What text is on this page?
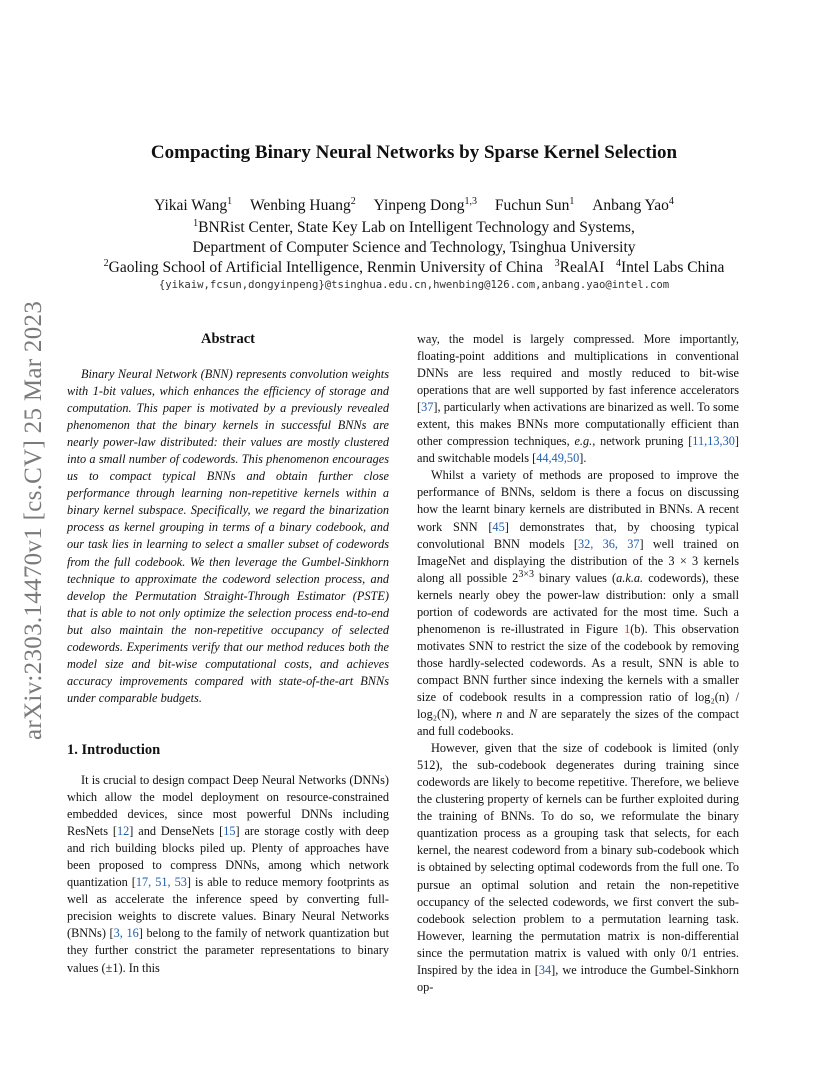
arXiv:2303.14470v1 [cs.CV] 25 Mar 2023
Compacting Binary Neural Networks by Sparse Kernel Selection
Yikai Wang$^1$ Wenbing Huang$^2$ Yinpeng Dong$^{1,3}$ Fuchun Sun$^1$ Anbang Yao$^4$
$^1$BNRist Center, State Key Lab on Intelligent Technology and Systems,
Department of Computer Science and Technology, Tsinghua University
$^2$Gaoling School of Artificial Intelligence, Renmin University of China $^3$RealAI $^4$Intel Labs China
{yikaiw,fcsun,dongyinpeng}@tsinghua.edu.cn,hwenbing@126.com,anbang.yao@intel.com
Abstract
Binary Neural Network (BNN) represents convolution weights with 1-bit values, which enhances the efficiency of storage and computation. This paper is motivated by a previously revealed phenomenon that the binary kernels in successful BNNs are nearly power-law distributed: their values are mostly clustered into a small number of codewords. This phenomenon encourages us to compact typical BNNs and obtain further close performance through learning non-repetitive kernels within a binary kernel subspace. Specifically, we regard the binarization process as kernel grouping in terms of a binary codebook, and our task lies in learning to select a smaller subset of codewords from the full codebook. We then leverage the Gumbel-Sinkhorn technique to approximate the codeword selection process, and develop the Permutation Straight-Through Estimator (PSTE) that is able to not only optimize the selection process end-to-end but also maintain the non-repetitive occupancy of selected codewords. Experiments verify that our method reduces both the model size and bit-wise computational costs, and achieves accuracy improvements compared with state-of-the-art BNNs under comparable budgets.
1. Introduction
It is crucial to design compact Deep Neural Networks (DNNs) which allow the model deployment on resource-constrained embedded devices, since most powerful DNNs including ResNets [12] and DenseNets [15] are storage costly with deep and rich building blocks piled up. Plenty of approaches have been proposed to compress DNNs, among which network quantization [17, 51, 53] is able to reduce memory footprints as well as accelerate the inference speed by converting full-precision weights to discrete values. Binary Neural Networks (BNNs) [3, 16] belong to the family of network quantization but they further constrict the parameter representations to binary values (±1). In this

way, the model is largely compressed. More importantly, floating-point additions and multiplications in conventional DNNs are less required and mostly reduced to bit-wise operations that are well supported by fast inference accelerators [37], particularly when activations are binarized as well. To some extent, this makes BNNs more computationally efficient than other compression techniques, e.g., network pruning [11,13,30] and switchable models [44,49,50].

Whilst a variety of methods are proposed to improve the performance of BNNs, seldom is there a focus on discussing how the learnt binary kernels are distributed in BNNs. A recent work SNN [45] demonstrates that, by choosing typical convolutional BNN models [32, 36, 37] well trained on ImageNet and displaying the distribution of the 3 × 3 kernels along all possible $2^{3\times 3}$ binary values (a.k.a. codewords), these kernels nearly obey the power-law distribution: only a small portion of codewords are activated for the most time. Such a phenomenon is re-illustrated in Figure 1(b). This observation motivates SNN to restrict the size of the codebook by removing those hardly-selected codewords. As a result, SNN is able to compact BNN further since indexing the kernels with a smaller size of codebook results in a compression ratio of log₂(n) / log₂(N), where n and N are separately the sizes of the compact and full codebooks.

However, given that the size of codebook is limited (only 512), the sub-codebook degenerates during training since codewords are likely to become repetitive. Therefore, we believe the clustering property of kernels can be further exploited during the training of BNNs. To do so, we reformulate the binary quantization process as a grouping task that selects, for each kernel, the nearest codeword from a binary sub-codebook which is obtained by selecting optimal codewords from the full one. To pursue an optimal solution and retain the non-repetitive occupancy of the selected codewords, we first convert the sub-codebook selection problem to a permutation learning task. However, learning the permutation matrix is non-differential since the permutation matrix is valued with only 0/1 entries. Inspired by the idea in [34], we introduce the Gumbel-Sinkhorn op-
